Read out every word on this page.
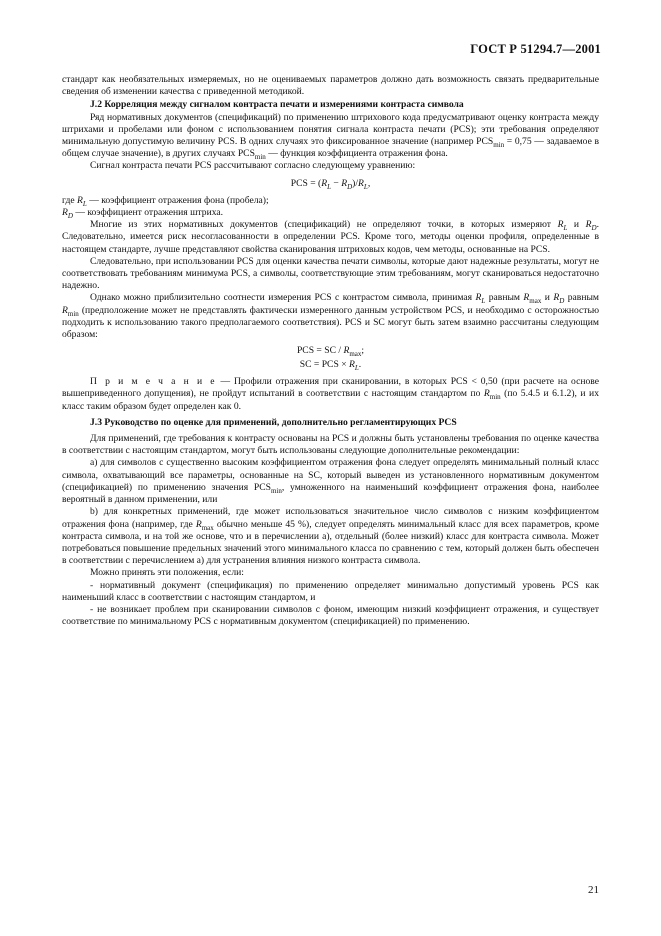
ГОСТ Р 51294.7—2001

стандарт как необязательных измеряемых, но не оцениваемых параметров должно дать возможность связать предварительные сведения об изменении качества с приведенной методикой.

J.2 Корреляция между сигналом контраста печати и измерениями контраста символа

Ряд нормативных документов (спецификаций) по применению штрихового кода предусматривают оценку контраста между штрихами и пробелами или фоном с использованием понятия сигнала контраста печати (PCS); эти требования определяют минимальную допустимую величину PCS. В одних случаях это фиксированное значение (например $PCS_{min} = 0,75$ — задаваемое в общем случае значение), в других случаях $PCS_{min}$ — функция коэффициента отражения фона.

Сигнал контраста печати PCS рассчитывают согласно следующему уравнению:

PCS = $(R_L - R_D)/R_L$,

где $R_L$ — коэффициент отражения фона (пробела);

$R_D$ — коэффициент отражения штриха.

Многие из этих нормативных документов (спецификаций) не определяют точки, в которых измеряют $R_L$ и $R_D$. Следовательно, имеется риск несогласованности в определении PCS. Кроме того, методы оценки профиля, определенные в настоящем стандарте, лучше представляют свойства сканирования штриховых кодов, чем методы, основанные на PCS.

Следовательно, при использовании PCS для оценки качества печати символы, которые дают надежные результаты, могут не соответствовать требованиям минимума PCS, а символы, соответствующие этим требованиям, могут сканироваться недостаточно надежно.

Однако можно приблизительно соотнести измерения PCS с контрастом символа, принимая $R_L$ равным $R_{max}$ и $R_D$ равным $R_{min}$ (предположение может не представлять фактически измеренного данным устройством PCS, и необходимо с осторожностью подходить к использованию такого предполагаемого соответствия). PCS и SC могут быть затем взаимно рассчитаны следующим образом:

PCS = SC / $R_{max}$;
SC = PCS × $R_L$.

П р и м е ч а н и е — Профили отражения при сканировании, в которых PCS < 0,50 (при расчете на основе вышеприведенного допущения), не пройдут испытаний в соответствии с настоящим стандартом по $R_{min}$ (по 5.4.5 и 6.1.2), и их класс таким образом будет определен как 0.

J.3 Руководство по оценке для применений, дополнительно регламентирующих PCS

Для применений, где требования к контрасту основаны на PCS и должны быть установлены требования по оценке качества в соответствии с настоящим стандартом, могут быть использованы следующие дополнительные рекомендации:

a) для символов с существенно высоким коэффициентом отражения фона следует определять минимальный полный класс символа, охватывающий все параметры, основанные на SC, который выведен из установленного нормативным документом (спецификацией) по применению значения $PCS_{min}$, умноженного на наименьший коэффициент отражения фона, наиболее вероятный в данном применении, или

b) для конкретных применений, где может использоваться значительное число символов с низким коэффициентом отражения фона (например, где $R_{max}$ обычно меньше 45 %), следует определять минимальный класс для всех параметров, кроме контраста символа, и на той же основе, что и в перечислении а), отдельный (более низкий) класс для контраста символа. Может потребоваться повышение предельных значений этого минимального класса по сравнению с тем, который должен быть обеспечен в соответствии с перечислением а) для устранения влияния низкого контраста символа.

Можно принять эти положения, если:

- нормативный документ (спецификация) по применению определяет минимально допустимый уровень PCS как наименьший класс в соответствии с настоящим стандартом, и

- не возникает проблем при сканировании символов с фоном, имеющим низкий коэффициент отражения, и существует соответствие по минимальному PCS с нормативным документом (спецификацией) по применению.

21
